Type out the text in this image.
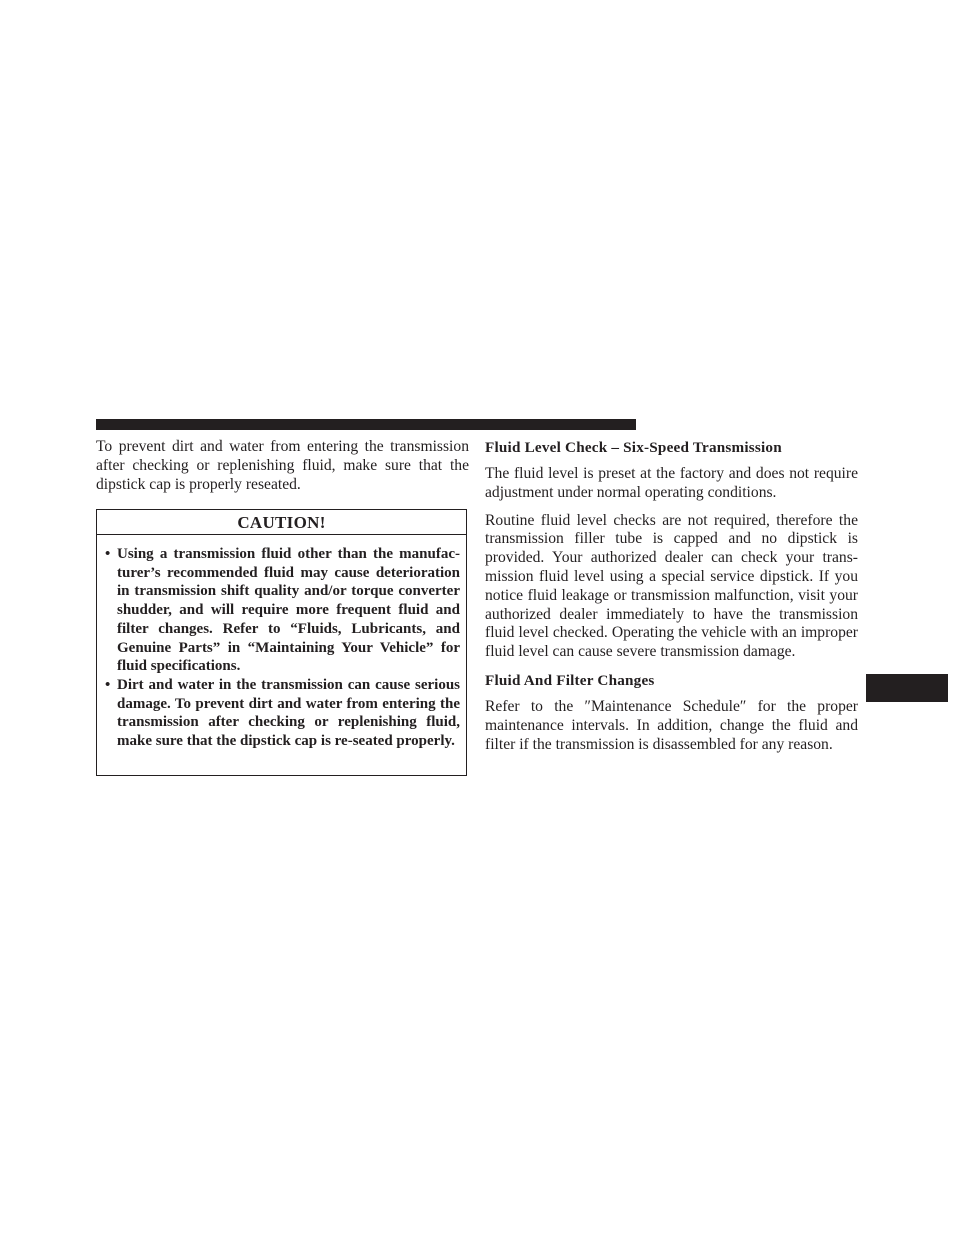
To prevent dirt and water from entering the transmission after checking or replenishing fluid, make sure that the dipstick cap is properly reseated.

CAUTION!
• Using a transmission fluid other than the manufacturer’s recommended fluid may cause deterioration in transmission shift quality and/or torque converter shudder, and will require more frequent fluid and filter changes. Refer to “Fluids, Lubricants, and Genuine Parts” in “Maintaining Your Vehicle” for fluid specifications.
• Dirt and water in the transmission can cause serious damage. To prevent dirt and water from entering the transmission after checking or replenishing fluid, make sure that the dipstick cap is re-seated properly.
Fluid Level Check – Six-Speed Transmission

The fluid level is preset at the factory and does not require adjustment under normal operating conditions.

Routine fluid level checks are not required, therefore the transmission filler tube is capped and no dipstick is provided. Your authorized dealer can check your transmission fluid level using a special service dipstick. If you notice fluid leakage or transmission malfunction, visit your authorized dealer immediately to have the transmission fluid level checked. Operating the vehicle with an improper fluid level can cause severe transmission damage.

Fluid And Filter Changes

Refer to the ″Maintenance Schedule″ for the proper maintenance intervals. In addition, change the fluid and filter if the transmission is disassembled for any reason.
